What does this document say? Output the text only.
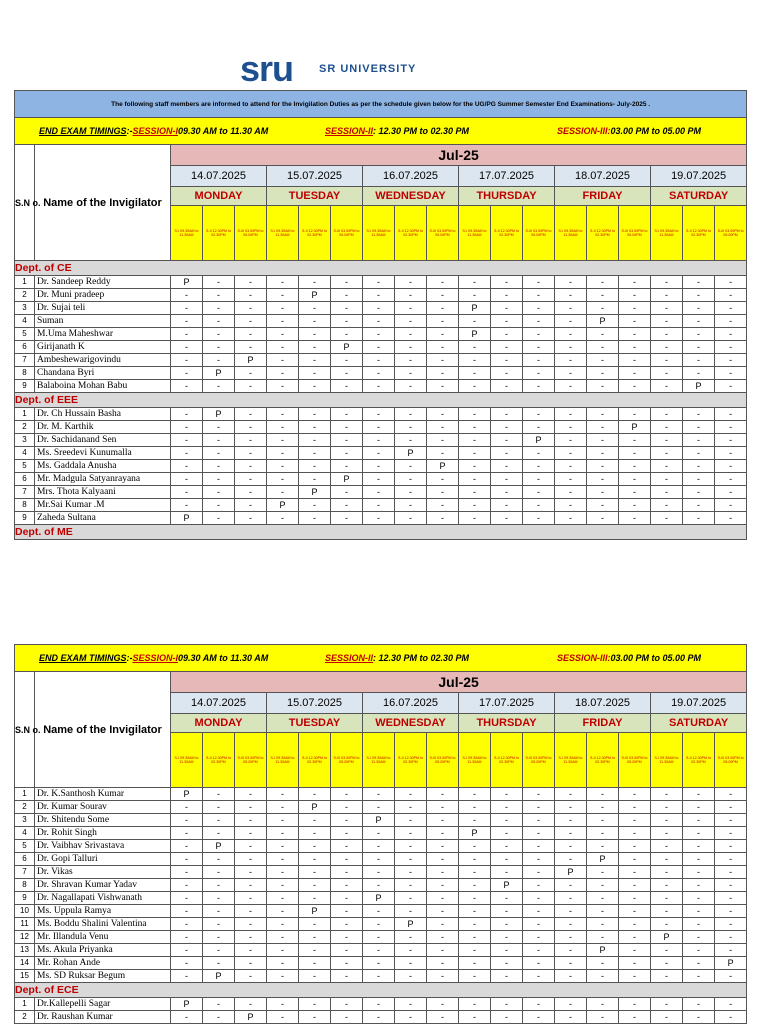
sru SR UNIVERSITY
The following staff members are informed to attend for the Invigilation Duties as per the schedule given below for the UG/PG Summer Semester End Examinations- July-2025 .																			

END EXAM TIMINGS:-SESSION-I09.30 AM to 11.30 AM SESSION-II: 12.30 PM to 02.30 PM SESSION-III:03.00 PM to 05.00 PM																			

S.N o.	Name of the Invigilator	Jul-25																	
		14.07.2025			15.07.2025			16.07.2025			17.07.2025			18.07.2025			19.07.2025		
		MONDAY			TUESDAY			WEDNESDAY			THURSDAY			FRIDAY			SATURDAY		
		S-I 09.30AM to 11.30AM	S-II 12.30PM to 02.30PM	S-III 03.00PM to 05.00PM	S-I 09.30AM to 11.30AM	S-II 12.30PM to 02.30PM	S-III 03.00PM to 05.00PM	S-I 09.30AM to 11.30AM	S-II 12.30PM to 02.30PM	S-III 03.00PM to 05.00PM	S-I 09.30AM to 11.30AM	S-II 12.30PM to 02.30PM	S-III 03.00PM to 05.00PM	S-I 09.30AM to 11.30AM	S-II 12.30PM to 02.30PM	S-III 03.00PM to 05.00PM	S-I 09.30AM to 11.30AM	S-II 12.30PM to 02.30PM	S-III 03.00PM to 05.00PM
Dept. of CE																			
1	Dr. Sandeep Reddy	P	-	-	-	-	-	-	-	-	-	-	-	-	-	-	-	-	-
2	Dr. Muni pradeep	-	-	-	-	P	-	-	-	-	-	-	-	-	-	-	-	-	-
3	Dr. Sujai teli	-	-	-	-	-	-	-	-	-	P	-	-	-	-	-	-	-	-
4	Suman	-	-	-	-	-	-	-	-	-	-	-	-	-	P	-	-	-	-
5	M.Uma Maheshwar	-	-	-	-	-	-	-	-	-	P	-	-	-	-	-	-	-	-
6	Girijanath K	-	-	-	-	-	P	-	-	-	-	-	-	-	-	-	-	-	-
7	Ambeshewarigovindu	-	-	P	-	-	-	-	-	-	-	-	-	-	-	-	-	-	-
8	Chandana Byri	-	P	-	-	-	-	-	-	-	-	-	-	-	-	-	-	-	-
9	Balaboina Mohan Babu	-	-	-	-	-	-	-	-	-	-	-	-	-	-	-	-	P	-
Dept. of EEE																			
1	Dr. Ch Hussain Basha	-	P	-	-	-	-	-	-	-	-	-	-	-	-	-	-	-	-
2	Dr. M. Karthik	-	-	-	-	-	-	-	-	-	-	-	-	-	-	P	-	-	-
3	Dr. Sachidanand Sen	-	-	-	-	-	-	-	-	-	-	-	P	-	-	-	-	-	-
4	Ms. Sreedevi Kunumalla	-	-	-	-	-	-	-	P	-	-	-	-	-	-	-	-	-	-
5	Ms. Gaddala Anusha	-	-	-	-	-	-	-	-	P	-	-	-	-	-	-	-	-	-
6	Mr. Madgula Satyanrayana	-	-	-	-	-	P	-	-	-	-	-	-	-	-	-	-	-	-
7	Mrs. Thota Kalyaani	-	-	-	-	P	-	-	-	-	-	-	-	-	-	-	-	-	-
8	Mr.Sai Kumar .M	-	-	-	P	-	-	-	-	-	-	-	-	-	-	-	-	-	-
9	Zaheda Sultana	P	-	-	-	-	-	-	-	-	-	-	-	-	-	-	-	-	-
Dept. of ME																			
END EXAM TIMINGS:-SESSION-I09.30 AM to 11.30 AM SESSION-II: 12.30 PM to 02.30 PM SESSION-III:03.00 PM to 05.00 PM																			

S.N o.	Name of the Invigilator	Jul-25																	
		14.07.2025			15.07.2025			16.07.2025			17.07.2025			18.07.2025			19.07.2025		
		MONDAY			TUESDAY			WEDNESDAY			THURSDAY			FRIDAY			SATURDAY		
		S-I 09.30AM to 11.30AM	S-II 12.30PM to 02.30PM	S-III 03.00PM to 05.00PM	S-I 09.30AM to 11.30AM	S-II 12.30PM to 02.30PM	S-III 03.00PM to 05.00PM	S-I 09.30AM to 11.30AM	S-II 12.30PM to 02.30PM	S-III 03.00PM to 05.00PM	S-I 09.30AM to 11.30AM	S-II 12.30PM to 02.30PM	S-III 03.00PM to 05.00PM	S-I 09.30AM to 11.30AM	S-II 12.30PM to 02.30PM	S-III 03.00PM to 05.00PM	S-I 09.30AM to 11.30AM	S-II 12.30PM to 02.30PM	S-III 03.00PM to 05.00PM
1	Dr. K.Santhosh Kumar	P	-	-	-	-	-	-	-	-	-	-	-	-	-	-	-	-	-
2	Dr. Kumar Sourav	-	-	-	-	P	-	-	-	-	-	-	-	-	-	-	-	-	-
3	Dr. Shitendu Some	-	-	-	-	-	-	P	-	-	-	-	-	-	-	-	-	-	-
4	Dr. Rohit Singh	-	-	-	-	-	-	-	-	-	P	-	-	-	-	-	-	-	-
5	Dr. Vaibhav Srivastava	-	P	-	-	-	-	-	-	-	-	-	-	-	-	-	-	-	-
6	Dr. Gopi Talluri	-	-	-	-	-	-	-	-	-	-	-	-	-	P	-	-	-	-
7	Dr. Vikas	-	-	-	-	-	-	-	-	-	-	-	-	P	-	-	-	-	-
8	Dr. Shravan Kumar Yadav	-	-	-	-	-	-	-	-	-	-	P	-	-	-	-	-	-	-
9	Dr. Nagallapati Vishwanath	-	-	-	-	-	-	P	-	-	-	-	-	-	-	-	-	-	-
10	Ms. Uppula Ramya	-	-	-	-	P	-	-	-	-	-	-	-	-	-	-	-	-	-
11	Ms. Boddu Shalini Valentina	-	-	-	-	-	-	-	P	-	-	-	-	-	-	-	-	-	-
12	Mr. Illandula Venu	-	-	-	-	-	-	-	-	-	-	-	-	-	-	-	P	-	-
13	Ms. Akula Priyanka	-	-	-	-	-	-	-	-	-	-	-	-	-	P	-	-	-	-
14	Mr. Rohan Ande	-	-	-	-	-	-	-	-	-	-	-	-	-	-	-	-	-	P
15	Ms. SD Ruksar Begum	-	P	-	-	-	-	-	-	-	-	-	-	-	-	-	-	-	-
Dept. of ECE																			
1	Dr.Kallepelli Sagar	P	-	-	-	-	-	-	-	-	-	-	-	-	-	-	-	-	-
2	Dr. Raushan Kumar	-	-	P	-	-	-	-	-	-	-	-	-	-	-	-	-	-	-
